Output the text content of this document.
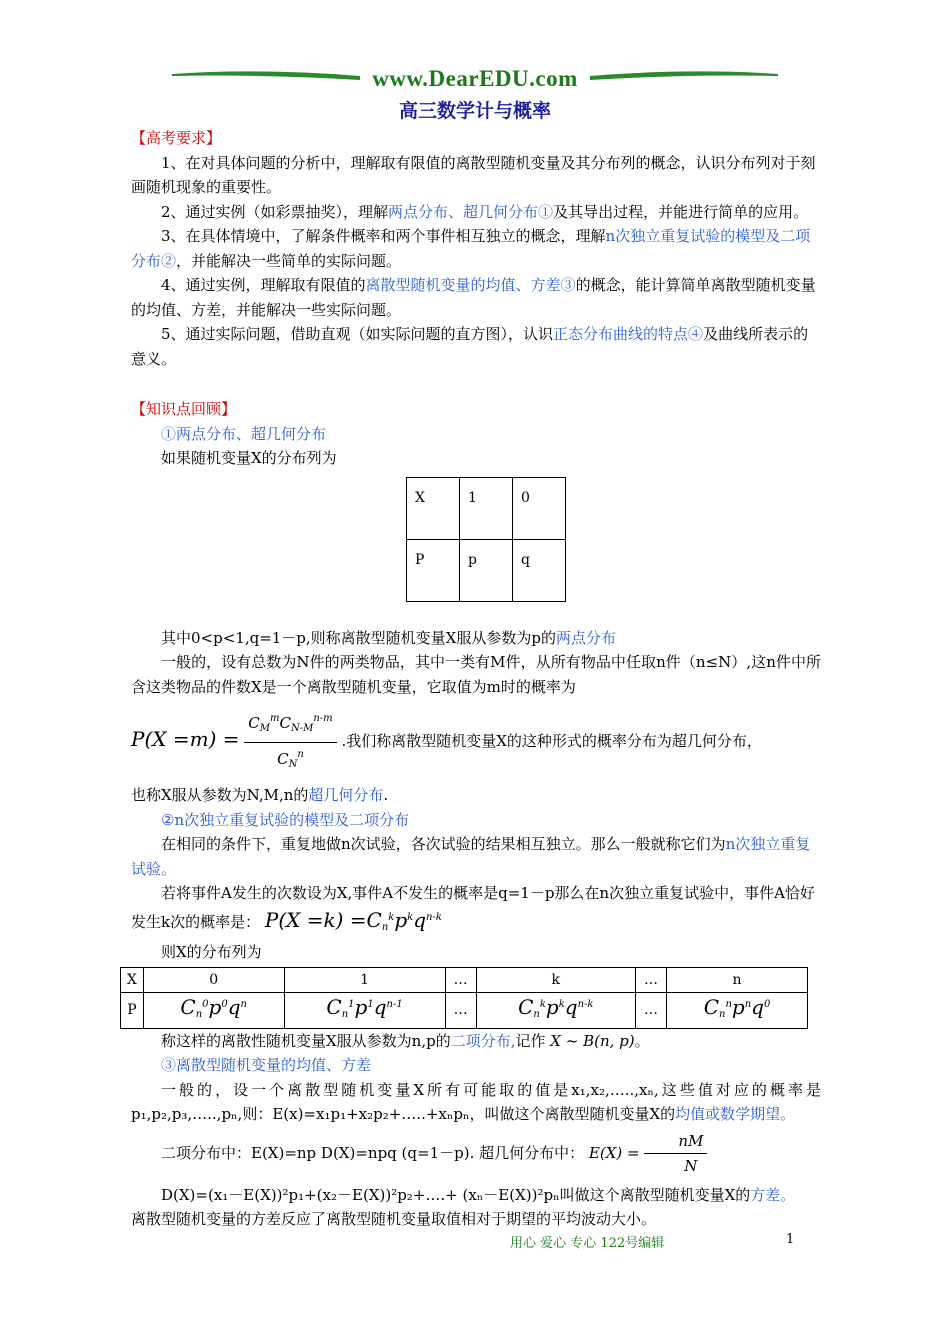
www.DearEDU.com
高三数学计与概率

【高考要求】

1、在对具体问题的分析中，理解取有限值的离散型随机变量及其分布列的概念，认识分布列对于刻画随机现象的重要性。

2、通过实例（如彩票抽奖），理解两点分布、超几何分布①及其导出过程，并能进行简单的应用。

3、在具体情境中，了解条件概率和两个事件相互独立的概念，理解n次独立重复试验的模型及二项分布②，并能解决一些简单的实际问题。

4、通过实例，理解取有限值的离散型随机变量的均值、方差③的概念，能计算简单离散型随机变量的均值、方差，并能解决一些实际问题。

5、通过实际问题，借助直观（如实际问题的直方图），认识正态分布曲线的特点④及曲线所表示的意义。

【知识点回顾】

①两点分布、超几何分布

如果随机变量X的分布列为

X	1	0
P	p	q

其中0<p<1,q=1－p,则称离散型随机变量X服从参数为p的两点分布

一般的，设有总数为N件的两类物品，其中一类有M件，从所有物品中任取n件（n≤N）,这n件中所含这类物品的件数X是一个离散型随机变量，它取值为m时的概率为

$P(X =m) = \frac{C_M^mC_{N-M}^{n-m}}{C_N^n}$ .我们称离散型随机变量X的这种形式的概率分布为超几何分布，

也称X服从参数为N,M,n的超几何分布.

②n次独立重复试验的模型及二项分布

在相同的条件下，重复地做n次试验，各次试验的结果相互独立。那么一般就称它们为n次独立重复试验。

若将事件A发生的次数设为X,事件A不发生的概率是q=1－p那么在n次独立重复试验中，事件A恰好发生k次的概率是： $P(X =k) =C_n^kp^kq^{n-k}$

则X的分布列为

X	0	1	…	k	…	n
P	$C_n^0p^0q^n$	$C_n^1p^1q^{n-1}$	…	$C_n^kp^kq^{n-k}$	…	$C_n^np^nq^0$

称这样的离散性随机变量X服从参数为n,p的二项分布,记作 X ~ B(n, p)。

③离散型随机变量的均值、方差

一般的，设一个离散型随机变量X所有可能取的值是x₁,x₂,…..,xₙ,这些值对应的概率是p₁,p₂,p₃,…..,pₙ,则：E(x)=x₁p₁+x₂p₂+…..+xₙpₙ，叫做这个离散型随机变量X的均值或数学期望。

二项分布中：E(X)=np D(X)=npq (q=1－p). 超几何分布中： $E(X) = \frac{nM}{N}$

D(X)=(x₁－E(X))²p₁+(x₂－E(X))²p₂+….+ (xₙ－E(X))²pₙ叫做这个离散型随机变量X的方差。

离散型随机变量的方差反应了离散型随机变量取值相对于期望的平均波动大小。

用心 爱心 专心 122号编辑	1
